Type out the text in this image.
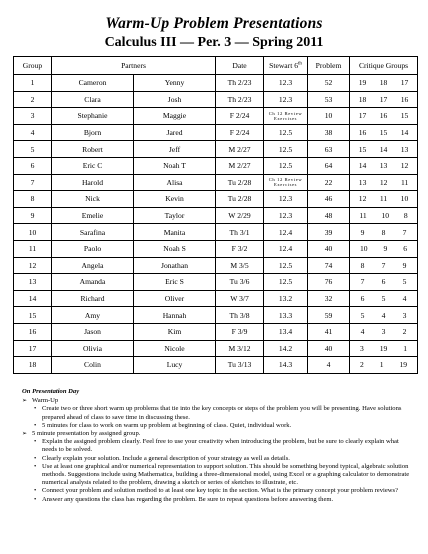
Warm-Up Problem Presentations
Calculus III — Per. 3 — Spring 2011
Group	Partners		Date	Stewart 6th	Problem	Critique Groups
1	Cameron	Yenny	Th 2/23	12.3	52	19 18 17

2	Clara	Josh	Th 2/23	12.3	53	18 17 16

3	Stephanie	Maggie	F 2/24	Ch 12 Review
Exercises	10	17 16 15

4	Bjorn	Jared	F 2/24	12.5	38	16 15 14

5	Robert	Jeff	M 2/27	12.5	63	15 14 13

6	Eric C	Noah T	M 2/27	12.5	64	14 13 12

7	Harold	Alisa	Tu 2/28	Ch 12 Review
Exercises	22	13 12 11

8	Nick	Kevin	Tu 2/28	12.3	46	12 11 10

9	Emelie	Taylor	W 2/29	12.3	48	11 10 8

10	Sarafina	Manita	Th 3/1	12.4	39	9 8 7

11	Paolo	Noah S	F 3/2	12.4	40	10 9 6

12	Angela	Jonathan	M 3/5	12.5	74	8 7 9

13	Amanda	Eric S	Tu 3/6	12.5	76	7 6 5

14	Richard	Oliver	W 3/7	13.2	32	6 5 4

15	Amy	Hannah	Th 3/8	13.3	59	5 4 3

16	Jason	Kim	F 3/9	13.4	41	4 3 2

17	Olivia	Nicole	M 3/12	14.2	40	3 19 1

18	Colin	Lucy	Tu 3/13	14.3	4	2 1 19
On Presentation Day
➢ Warm-Up
• Create two or three short warm up problems that tie into the key concepts or steps of the problem you will be presenting. Have solutions prepared ahead of class to save time in discussing these.
• 5 minutes for class to work on warm up problem at beginning of class. Quiet, individual work.
➢ 5 minute presentation by assigned group.
• Explain the assigned problem clearly. Feel free to use your creativity when introducing the problem, but be sure to clearly explain what needs to be solved.
• Clearly explain your solution. Include a general description of your strategy as well as details.
• Use at least one graphical and/or numerical representation to support solution. This should be something beyond typical, algebraic solution methods. Suggestions include using Mathematica, building a three-dimensional model, using Excel or a graphing calculator to demonstrate numerical analysis related to the problem, drawing a sketch or series of sketches to illustrate, etc.
• Connect your problem and solution method to at least one key topic in the section. What is the primary concept your problem reviews?
• Answer any questions the class has regarding the problem. Be sure to repeat questions before answering them.
